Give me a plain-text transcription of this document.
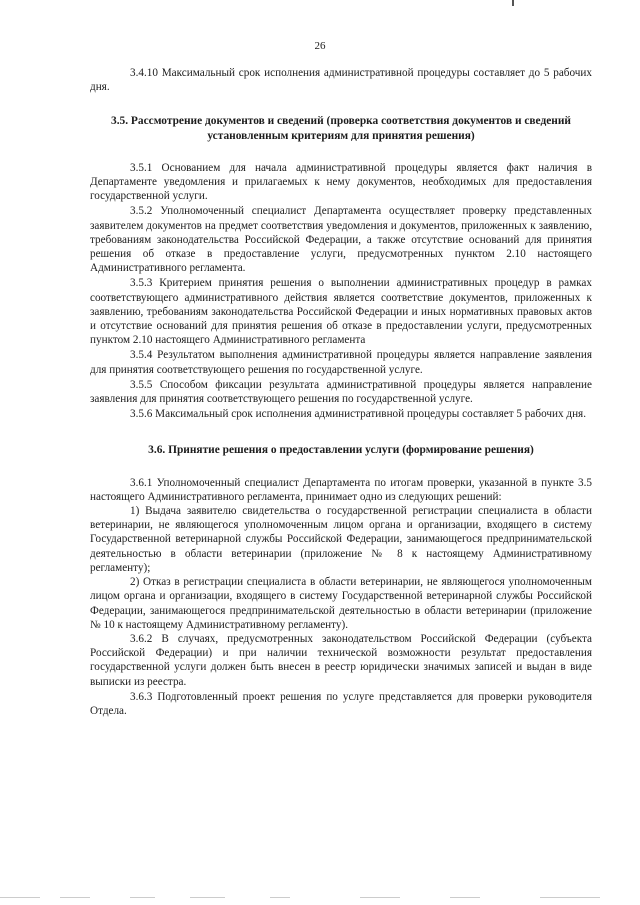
26

3.4.10 Максимальный срок исполнения административной процедуры составляет до 5 рабочих дня.

3.5. Рассмотрение документов и сведений (проверка соответствия документов и сведений установленным критериям для принятия решения)

3.5.1 Основанием для начала административной процедуры является факт наличия в Департаменте уведомления и прилагаемых к нему документов, необходимых для предоставления государственной услуги.

3.5.2 Уполномоченный специалист Департамента осуществляет проверку представленных заявителем документов на предмет соответствия уведомления и документов, приложенных к заявлению, требованиям законодательства Российской Федерации, а также отсутствие оснований для принятия решения об отказе в предоставление услуги, предусмотренных пунктом 2.10 настоящего Административного регламента.

3.5.3 Критерием принятия решения о выполнении административных процедур в рамках соответствующего административного действия является соответствие документов, приложенных к заявлению, требованиям законодательства Российской Федерации и иных нормативных правовых актов и отсутствие оснований для принятия решения об отказе в предоставлении услуги, предусмотренных пунктом 2.10 настоящего Административного регламента

3.5.4 Результатом выполнения административной процедуры является направление заявления для принятия соответствующего решения по государственной услуге.

3.5.5 Способом фиксации результата административной процедуры является направление заявления для принятия соответствующего решения по государственной услуге.

3.5.6 Максимальный срок исполнения административной процедуры составляет 5 рабочих дня.

3.6. Принятие решения о предоставлении услуги (формирование решения)

3.6.1 Уполномоченный специалист Департамента по итогам проверки, указанной в пункте 3.5 настоящего Административного регламента, принимает одно из следующих решений:

1) Выдача заявителю свидетельства о государственной регистрации специалиста в области ветеринарии, не являющегося уполномоченным лицом органа и организации, входящего в систему Государственной ветеринарной службы Российской Федерации, занимающегося предпринимательской деятельностью в области ветеринарии (приложение № 8 к настоящему Административному регламенту);

2) Отказ в регистрации специалиста в области ветеринарии, не являющегося уполномоченным лицом органа и организации, входящего в систему Государственной ветеринарной службы Российской Федерации, занимающегося предпринимательской деятельностью в области ветеринарии (приложение № 10 к настоящему Административному регламенту).

3.6.2 В случаях, предусмотренных законодательством Российской Федерации (субъекта Российской Федерации) и при наличии технической возможности результат предоставления государственной услуги должен быть внесен в реестр юридически значимых записей и выдан в виде выписки из реестра.

3.6.3 Подготовленный проект решения по услуге представляется для проверки руководителя Отдела.
